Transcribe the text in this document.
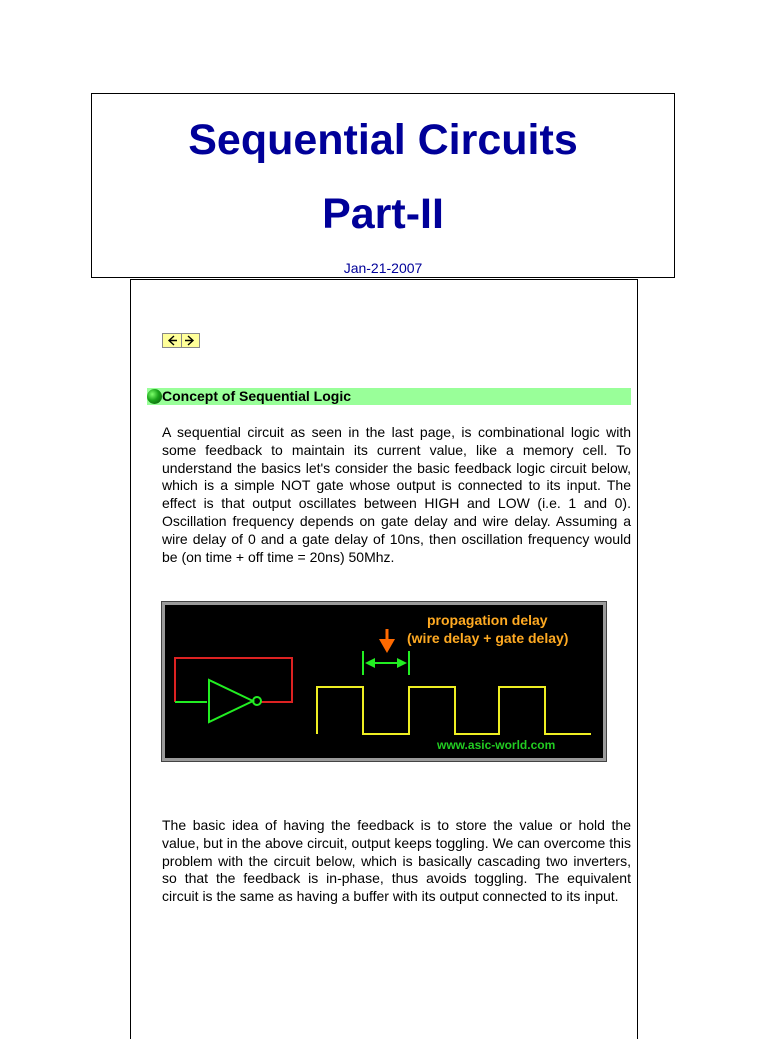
Sequential Circuits
Part-II
Jan-21-2007
Concept of Sequential Logic

A sequential circuit as seen in the last page, is combinational logic with some feedback to maintain its current value, like a memory cell. To understand the basics let's consider the basic feedback logic circuit below, which is a simple NOT gate whose output is connected to its input. The effect is that output oscillates between HIGH and LOW (i.e. 1 and 0). Oscillation frequency depends on gate delay and wire delay. Assuming a wire delay of 0 and a gate delay of 10ns, then oscillation frequency would be (on time + off time = 20ns) 50Mhz.

propagation delay
(wire delay + gate delay)
www.asic-world.com

The basic idea of having the feedback is to store the value or hold the value, but in the above circuit, output keeps toggling. We can overcome this problem with the circuit below, which is basically cascading two inverters, so that the feedback is in-phase, thus avoids toggling. The equivalent circuit is the same as having a buffer with its output connected to its input.
